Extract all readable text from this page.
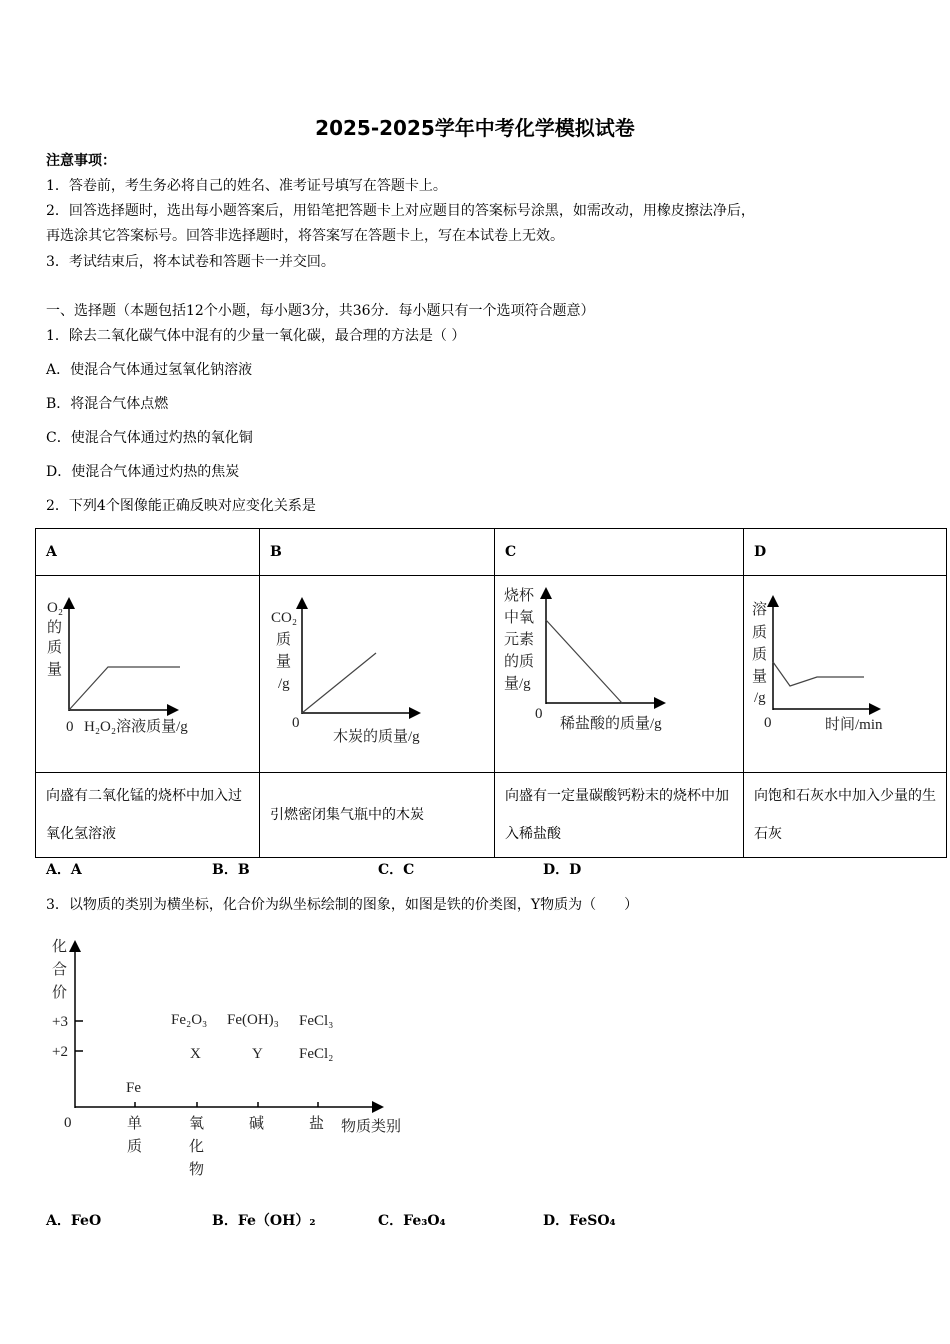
2025-2025学年中考化学模拟试卷
注意事项：
1．答卷前，考生务必将自己的姓名、准考证号填写在答题卡上。
2．回答选择题时，选出每小题答案后，用铅笔把答题卡上对应题目的答案标号涂黑，如需改动，用橡皮擦法净后，
再选涂其它答案标号。回答非选择题时，将答案写在答题卡上，写在本试卷上无效。
3．考试结束后，将本试卷和答题卡一并交回。
一、选择题（本题包括12个小题，每小题3分，共36分．每小题只有一个选项符合题意）
1．除去二氧化碳气体中混有的少量一氧化碳，最合理的方法是（ ）
A．使混合气体通过氢氧化钠溶液
B．将混合气体点燃
C．使混合气体通过灼热的氧化铜
D．使混合气体通过灼热的焦炭
2．下列4个图像能正确反映对应变化关系是
A	B	C	D

向盛有二氧化锰的烧杯中加入过氧化氢溶液	引燃密闭集气瓶中的木炭	向盛有一定量碳酸钙粉末的烧杯中加入稀盐酸	向饱和石灰水中加入少量的生石灰
A．A	B．B	C．C	D．D
3．以物质的类别为横坐标，化合价为纵坐标绘制的图象，如图是铁的价类图，Y物质为（　　）
A．FeO	B．Fe（OH）₂	C．Fe₃O₄	D．FeSO₄
O₂
的
质
量
0 H₂O₂溶液质量/g
CO₂
质
量
/g
0
木炭的质量/g
烧杯
中氧
元素
的质
量/g
0
稀盐酸的质量/g
溶
质
质
量
/g
0	时间/min
化
合
价
+3
+2
0	单
质
氧
化
物
碱	盐 物质类别
Fe
Fe₂O₃ Fe(OH)₃ FeCl₃
X	Y FeCl₂
